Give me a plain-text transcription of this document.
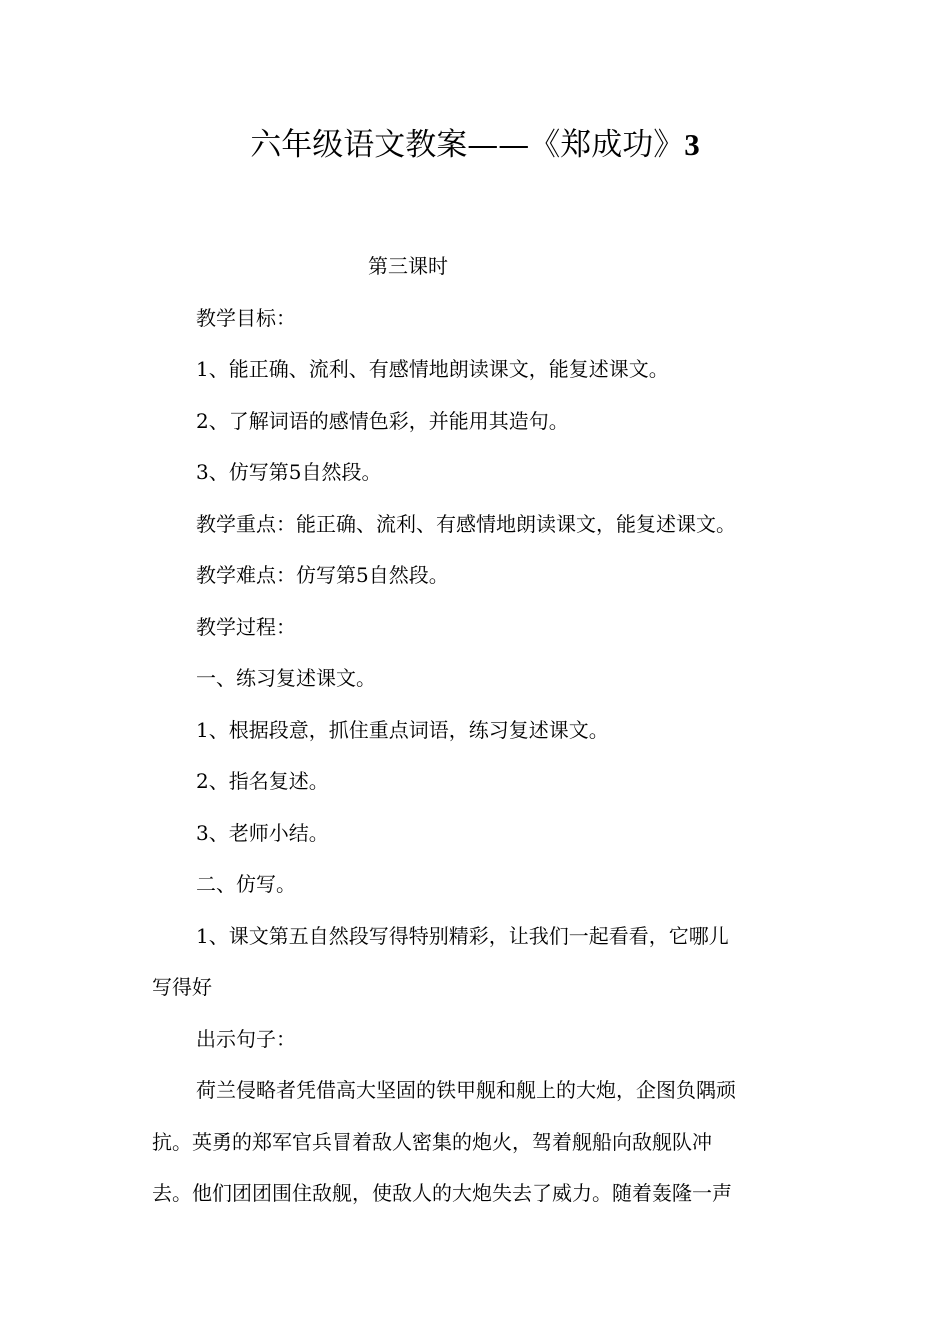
六年级语文教案——《郑成功》3
第三课时
教学目标：
1、能正确、流利、有感情地朗读课文，能复述课文。
2、了解词语的感情色彩，并能用其造句。
3、仿写第5自然段。
教学重点：能正确、流利、有感情地朗读课文，能复述课文。
教学难点：仿写第5自然段。
教学过程：
一、练习复述课文。
1、根据段意，抓住重点词语，练习复述课文。
2、指名复述。
3、老师小结。
二、仿写。
1、课文第五自然段写得特别精彩，让我们一起看看，它哪儿
写得好
出示句子：
荷兰侵略者凭借高大坚固的铁甲舰和舰上的大炮，企图负隅顽
抗。英勇的郑军官兵冒着敌人密集的炮火，驾着舰船向敌舰队冲
去。他们团团围住敌舰，使敌人的大炮失去了威力。随着轰隆一声
